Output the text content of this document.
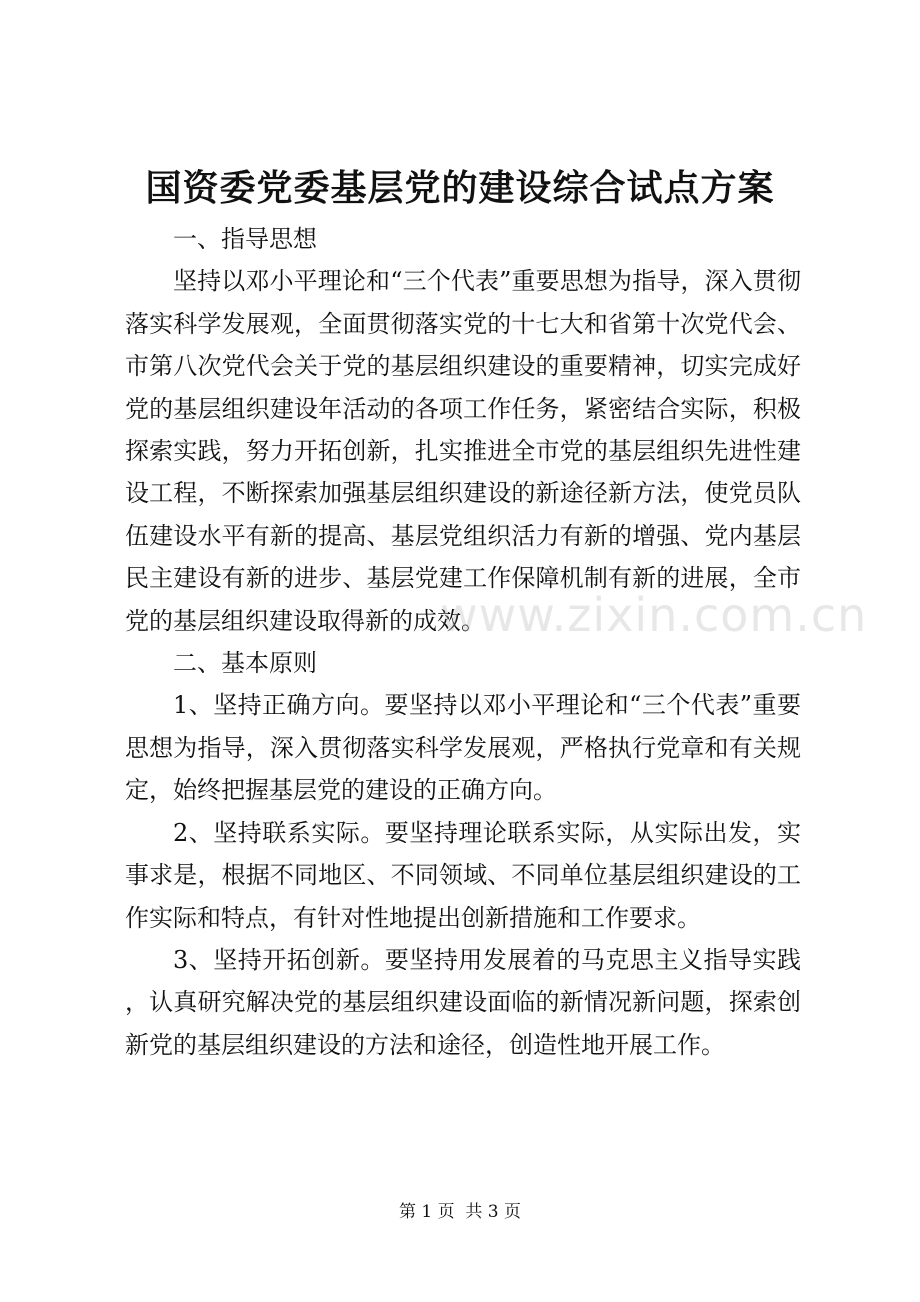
国资委党委基层党的建设综合试点方案

一、指导思想

坚持以邓小平理论和“三个代表”重要思想为指导，深入贯彻落实科学发展观，全面贯彻落实党的十七大和省第十次党代会、市第八次党代会关于党的基层组织建设的重要精神，切实完成好党的基层组织建设年活动的各项工作任务，紧密结合实际，积极探索实践，努力开拓创新，扎实推进全市党的基层组织先进性建设工程，不断探索加强基层组织建设的新途径新方法，使党员队伍建设水平有新的提高、基层党组织活力有新的增强、党内基层民主建设有新的进步、基层党建工作保障机制有新的进展，全市党的基层组织建设取得新的成效。

二、基本原则

1、坚持正确方向。要坚持以邓小平理论和“三个代表”重要思想为指导，深入贯彻落实科学发展观，严格执行党章和有关规定，始终把握基层党的建设的正确方向。

2、坚持联系实际。要坚持理论联系实际，从实际出发，实事求是，根据不同地区、不同领域、不同单位基层组织建设的工作实际和特点，有针对性地提出创新措施和工作要求。

3、坚持开拓创新。要坚持用发展着的马克思主义指导实践，认真研究解决党的基层组织建设面临的新情况新问题，探索创新党的基层组织建设的方法和途径，创造性地开展工作。

www.zixin.com.cn
第 1 页  共 3 页
